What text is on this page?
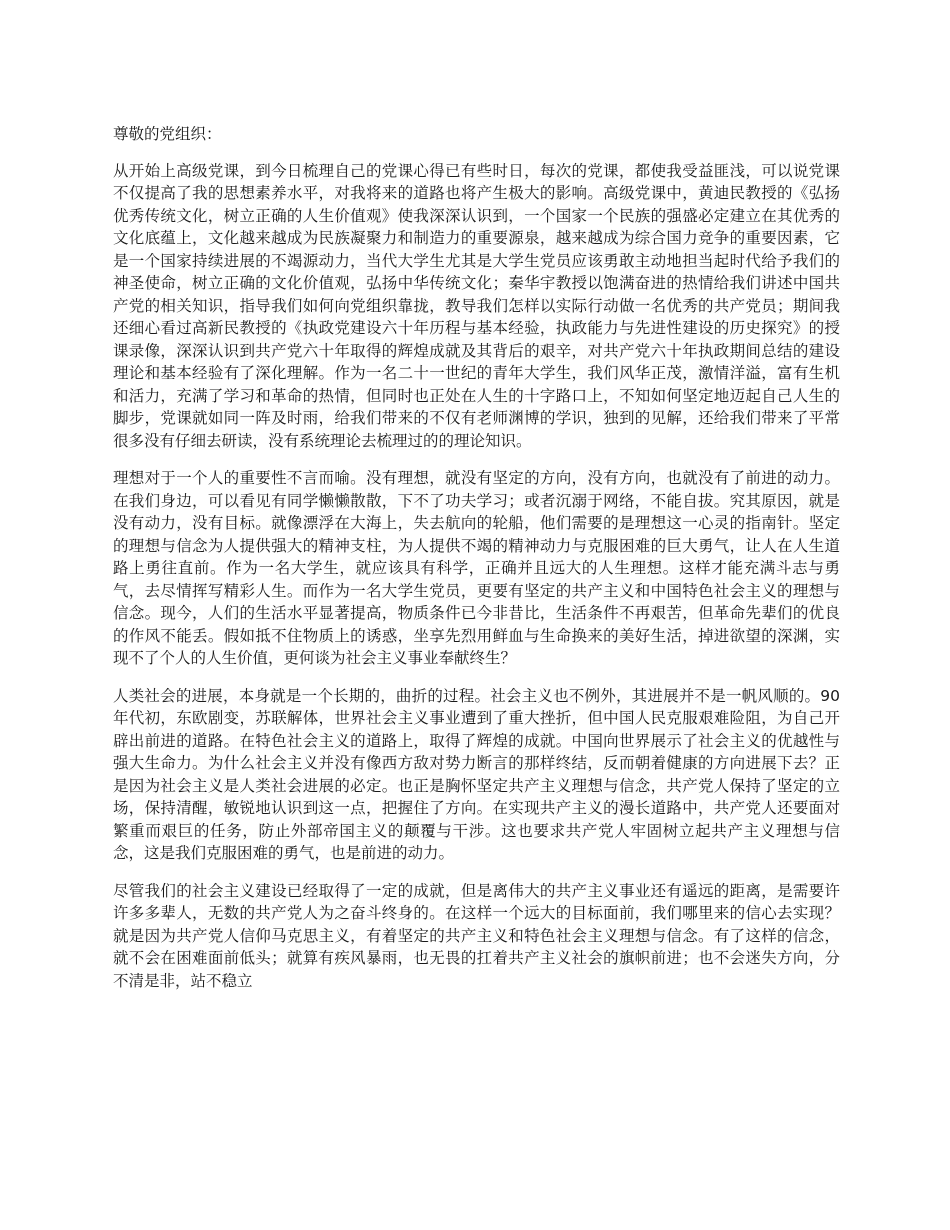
尊敬的党组织：

从开始上高级党课，到今日梳理自己的党课心得已有些时日，每次的党课，都使我受益匪浅，可以说党课不仅提高了我的思想素养水平，对我将来的道路也将产生极大的影响。高级党课中，黄迪民教授的《弘扬优秀传统文化，树立正确的人生价值观》使我深深认识到，一个国家一个民族的强盛必定建立在其优秀的文化底蕴上，文化越来越成为民族凝聚力和制造力的重要源泉，越来越成为综合国力竞争的重要因素，它是一个国家持续进展的不竭源动力，当代大学生尤其是大学生党员应该勇敢主动地担当起时代给予我们的神圣使命，树立正确的文化价值观，弘扬中华传统文化；秦华宇教授以饱满奋进的热情给我们讲述中国共产党的相关知识，指导我们如何向党组织靠拢，教导我们怎样以实际行动做一名优秀的共产党员；期间我还细心看过高新民教授的《执政党建设六十年历程与基本经验，执政能力与先进性建设的历史探究》的授课录像，深深认识到共产党六十年取得的辉煌成就及其背后的艰辛，对共产党六十年执政期间总结的建设理论和基本经验有了深化理解。作为一名二十一世纪的青年大学生，我们风华正茂，激情洋溢，富有生机和活力，充满了学习和革命的热情，但同时也正处在人生的十字路口上，不知如何坚定地迈起自己人生的脚步，党课就如同一阵及时雨，给我们带来的不仅有老师渊博的学识，独到的见解，还给我们带来了平常很多没有仔细去研读，没有系统理论去梳理过的的理论知识。

理想对于一个人的重要性不言而喻。没有理想，就没有坚定的方向，没有方向，也就没有了前进的动力。在我们身边，可以看见有同学懒懒散散，下不了功夫学习；或者沉溺于网络，不能自拔。究其原因，就是没有动力，没有目标。就像漂浮在大海上，失去航向的轮船，他们需要的是理想这一心灵的指南针。坚定的理想与信念为人提供强大的精神支柱，为人提供不竭的精神动力与克服困难的巨大勇气，让人在人生道路上勇往直前。作为一名大学生，就应该具有科学，正确并且远大的人生理想。这样才能充满斗志与勇气，去尽情挥写精彩人生。而作为一名大学生党员，更要有坚定的共产主义和中国特色社会主义的理想与信念。现今，人们的生活水平显著提高，物质条件已今非昔比，生活条件不再艰苦，但革命先辈们的优良的作风不能丢。假如抵不住物质上的诱惑，坐享先烈用鲜血与生命换来的美好生活，掉进欲望的深渊，实现不了个人的人生价值，更何谈为社会主义事业奉献终生？

人类社会的进展，本身就是一个长期的，曲折的过程。社会主义也不例外，其进展并不是一帆风顺的。90年代初，东欧剧变，苏联解体，世界社会主义事业遭到了重大挫折，但中国人民克服艰难险阻，为自己开辟出前进的道路。在特色社会主义的道路上，取得了辉煌的成就。中国向世界展示了社会主义的优越性与强大生命力。为什么社会主义并没有像西方敌对势力断言的那样终结，反而朝着健康的方向进展下去？正是因为社会主义是人类社会进展的必定。也正是胸怀坚定共产主义理想与信念，共产党人保持了坚定的立场，保持清醒，敏锐地认识到这一点，把握住了方向。在实现共产主义的漫长道路中，共产党人还要面对繁重而艰巨的任务，防止外部帝国主义的颠覆与干涉。这也要求共产党人牢固树立起共产主义理想与信念，这是我们克服困难的勇气，也是前进的动力。

尽管我们的社会主义建设已经取得了一定的成就，但是离伟大的共产主义事业还有遥远的距离，是需要许许多多辈人，无数的共产党人为之奋斗终身的。在这样一个远大的目标面前，我们哪里来的信心去实现？就是因为共产党人信仰马克思主义，有着坚定的共产主义和特色社会主义理想与信念。有了这样的信念，就不会在困难面前低头；就算有疾风暴雨，也无畏的扛着共产主义社会的旗帜前进；也不会迷失方向，分不清是非，站不稳立
